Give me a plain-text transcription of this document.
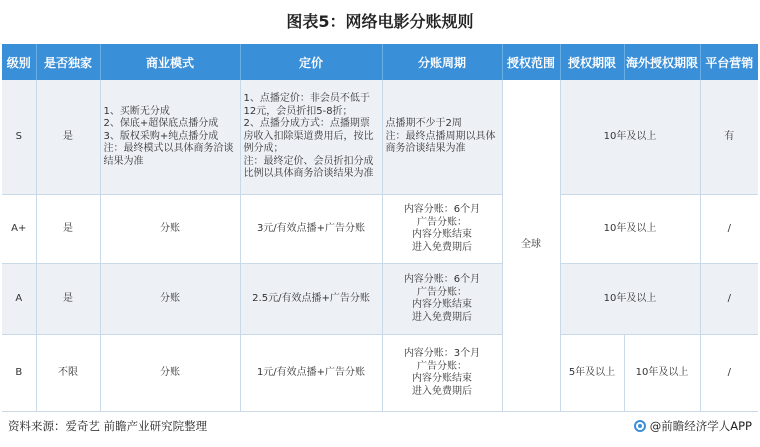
图表5：网络电影分账规则
级别	是否独家	商业模式	定价	分账周期	授权范围	授权期限	海外授权期限	平台营销
S	是	1、买断无分成
2、保底+超保底点播分成
3、版权采购+纯点播分成
注：最终模式以具体商务洽谈结果为准	1、点播定价：非会员不低于12元，会员折扣5-8折；
2、点播分成方式：点播期票房收入扣除渠道费用后，按比例分成；
注：最终定价、会员折扣分成比例以具体商务洽谈结果为准	点播期不少于2周
注：最终点播周期以具体商务洽谈结果为准	全球	10年及以上		有
A+	是	分账	3元/有效点播+广告分账	内容分账：6个月
广告分账：
内容分账结束
进入免费期后		10年及以上		/
A	是	分账	2.5元/有效点播+广告分账	内容分账：6个月
广告分账：
内容分账结束
进入免费期后		10年及以上		/
B	不限	分账	1元/有效点播+广告分账	内容分账：3个月
广告分账：
内容分账结束
进入免费期后		5年及以上	10年及以上	/
资料来源：爱奇艺 前瞻产业研究院整理	@前瞻经济学人APP
